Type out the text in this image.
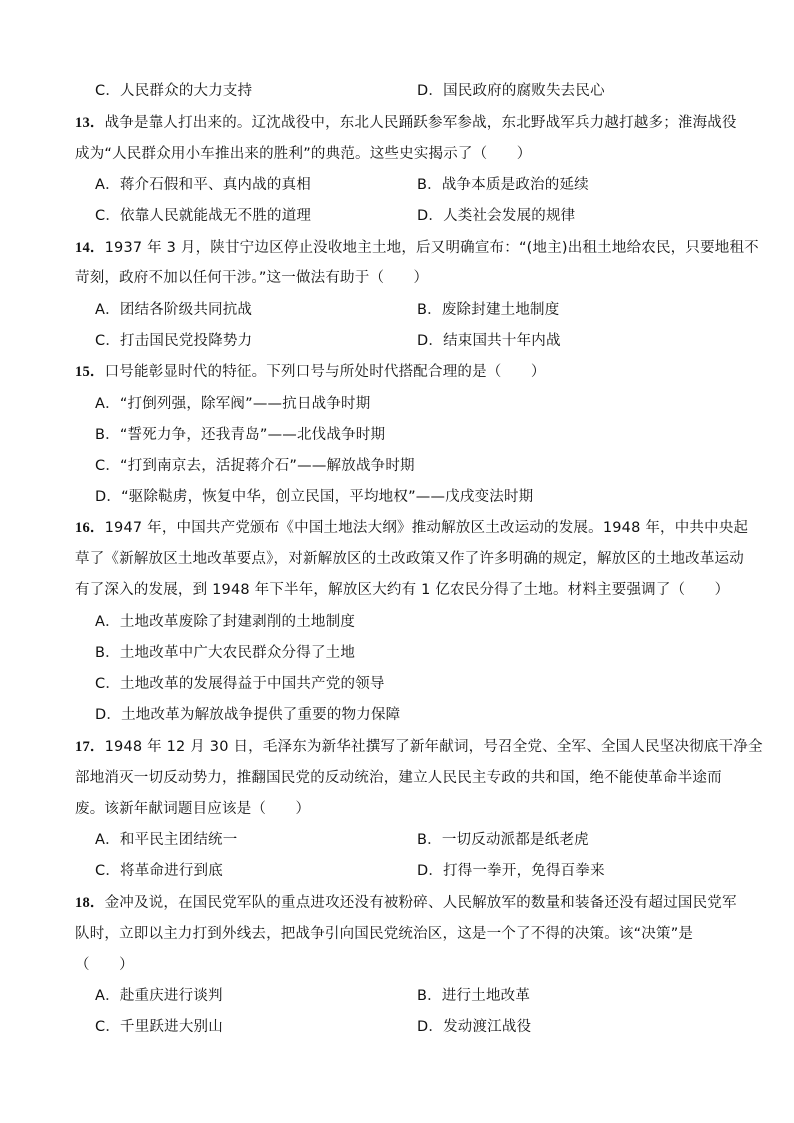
C．人民群众的大力支持	D．国民政府的腐败失去民心
13．战争是靠人打出来的。辽沈战役中，东北人民踊跃参军参战，东北野战军兵力越打越多；淮海战役
成为“人民群众用小车推出来的胜利”的典范。这些史实揭示了（　　）
A．蒋介石假和平、真内战的真相	B．战争本质是政治的延续
C．依靠人民就能战无不胜的道理	D．人类社会发展的规律
14．1937 年 3 月，陕甘宁边区停止没收地主土地，后又明确宣布：“(地主)出租土地给农民，只要地租不
苛刻，政府不加以任何干涉。”这一做法有助于（　　）
A．团结各阶级共同抗战	B．废除封建土地制度
C．打击国民党投降势力	D．结束国共十年内战
15．口号能彰显时代的特征。下列口号与所处时代搭配合理的是（　　）
A．“打倒列强，除军阀”——抗日战争时期
B．“誓死力争，还我青岛”——北伐战争时期
C．“打到南京去，活捉蒋介石”——解放战争时期
D．“驱除鞑虏，恢复中华，创立民国，平均地权”——戊戌变法时期
16．1947 年，中国共产党颁布《中国土地法大纲》推动解放区土改运动的发展。1948 年，中共中央起
草了《新解放区土地改革要点》，对新解放区的土改政策又作了许多明确的规定，解放区的土地改革运动
有了深入的发展，到 1948 年下半年，解放区大约有 1 亿农民分得了土地。材料主要强调了（　　）
A．土地改革废除了封建剥削的土地制度
B．土地改革中广大农民群众分得了土地
C．土地改革的发展得益于中国共产党的领导
D．土地改革为解放战争提供了重要的物力保障
17．1948 年 12 月 30 日，毛泽东为新华社撰写了新年献词，号召全党、全军、全国人民坚决彻底干净全
部地消灭一切反动势力，推翻国民党的反动统治，建立人民民主专政的共和国，绝不能使革命半途而
废。该新年献词题目应该是（　　）
A．和平民主团结统一	B．一切反动派都是纸老虎
C．将革命进行到底	D．打得一拳开，免得百拳来
18．金冲及说，在国民党军队的重点进攻还没有被粉碎、人民解放军的数量和装备还没有超过国民党军
队时，立即以主力打到外线去，把战争引向国民党统治区，这是一个了不得的决策。该“决策”是
（　　）
A．赴重庆进行谈判	B．进行土地改革
C．千里跃进大别山	D．发动渡江战役
